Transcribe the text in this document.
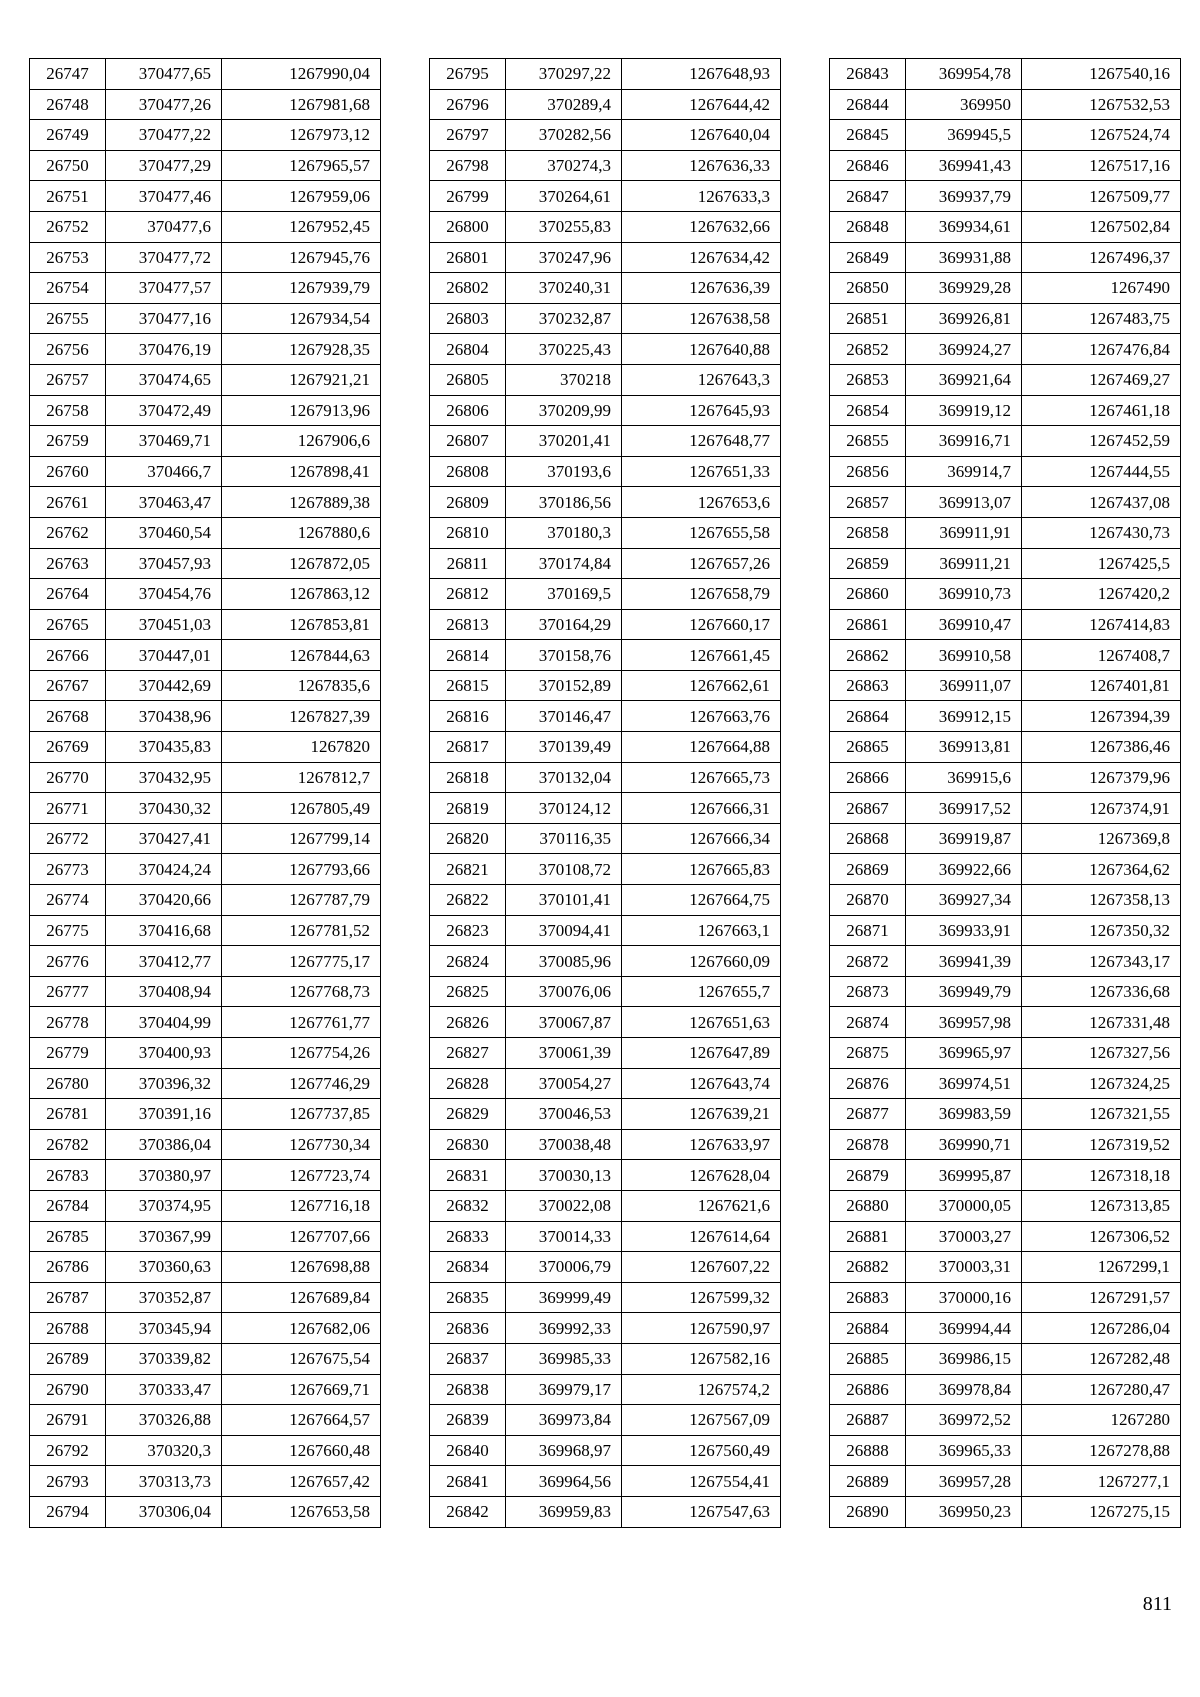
26747	370477,65	1267990,04
26748	370477,26	1267981,68
26749	370477,22	1267973,12
26750	370477,29	1267965,57
26751	370477,46	1267959,06
26752	370477,6	1267952,45
26753	370477,72	1267945,76
26754	370477,57	1267939,79
26755	370477,16	1267934,54
26756	370476,19	1267928,35
26757	370474,65	1267921,21
26758	370472,49	1267913,96
26759	370469,71	1267906,6
26760	370466,7	1267898,41
26761	370463,47	1267889,38
26762	370460,54	1267880,6
26763	370457,93	1267872,05
26764	370454,76	1267863,12
26765	370451,03	1267853,81
26766	370447,01	1267844,63
26767	370442,69	1267835,6
26768	370438,96	1267827,39
26769	370435,83	1267820
26770	370432,95	1267812,7
26771	370430,32	1267805,49
26772	370427,41	1267799,14
26773	370424,24	1267793,66
26774	370420,66	1267787,79
26775	370416,68	1267781,52
26776	370412,77	1267775,17
26777	370408,94	1267768,73
26778	370404,99	1267761,77
26779	370400,93	1267754,26
26780	370396,32	1267746,29
26781	370391,16	1267737,85
26782	370386,04	1267730,34
26783	370380,97	1267723,74
26784	370374,95	1267716,18
26785	370367,99	1267707,66
26786	370360,63	1267698,88
26787	370352,87	1267689,84
26788	370345,94	1267682,06
26789	370339,82	1267675,54
26790	370333,47	1267669,71
26791	370326,88	1267664,57
26792	370320,3	1267660,48
26793	370313,73	1267657,42
26794	370306,04	1267653,58
26795	370297,22	1267648,93
26796	370289,4	1267644,42
26797	370282,56	1267640,04
26798	370274,3	1267636,33
26799	370264,61	1267633,3
26800	370255,83	1267632,66
26801	370247,96	1267634,42
26802	370240,31	1267636,39
26803	370232,87	1267638,58
26804	370225,43	1267640,88
26805	370218	1267643,3
26806	370209,99	1267645,93
26807	370201,41	1267648,77
26808	370193,6	1267651,33
26809	370186,56	1267653,6
26810	370180,3	1267655,58
26811	370174,84	1267657,26
26812	370169,5	1267658,79
26813	370164,29	1267660,17
26814	370158,76	1267661,45
26815	370152,89	1267662,61
26816	370146,47	1267663,76
26817	370139,49	1267664,88
26818	370132,04	1267665,73
26819	370124,12	1267666,31
26820	370116,35	1267666,34
26821	370108,72	1267665,83
26822	370101,41	1267664,75
26823	370094,41	1267663,1
26824	370085,96	1267660,09
26825	370076,06	1267655,7
26826	370067,87	1267651,63
26827	370061,39	1267647,89
26828	370054,27	1267643,74
26829	370046,53	1267639,21
26830	370038,48	1267633,97
26831	370030,13	1267628,04
26832	370022,08	1267621,6
26833	370014,33	1267614,64
26834	370006,79	1267607,22
26835	369999,49	1267599,32
26836	369992,33	1267590,97
26837	369985,33	1267582,16
26838	369979,17	1267574,2
26839	369973,84	1267567,09
26840	369968,97	1267560,49
26841	369964,56	1267554,41
26842	369959,83	1267547,63
26843	369954,78	1267540,16
26844	369950	1267532,53
26845	369945,5	1267524,74
26846	369941,43	1267517,16
26847	369937,79	1267509,77
26848	369934,61	1267502,84
26849	369931,88	1267496,37
26850	369929,28	1267490
26851	369926,81	1267483,75
26852	369924,27	1267476,84
26853	369921,64	1267469,27
26854	369919,12	1267461,18
26855	369916,71	1267452,59
26856	369914,7	1267444,55
26857	369913,07	1267437,08
26858	369911,91	1267430,73
26859	369911,21	1267425,5
26860	369910,73	1267420,2
26861	369910,47	1267414,83
26862	369910,58	1267408,7
26863	369911,07	1267401,81
26864	369912,15	1267394,39
26865	369913,81	1267386,46
26866	369915,6	1267379,96
26867	369917,52	1267374,91
26868	369919,87	1267369,8
26869	369922,66	1267364,62
26870	369927,34	1267358,13
26871	369933,91	1267350,32
26872	369941,39	1267343,17
26873	369949,79	1267336,68
26874	369957,98	1267331,48
26875	369965,97	1267327,56
26876	369974,51	1267324,25
26877	369983,59	1267321,55
26878	369990,71	1267319,52
26879	369995,87	1267318,18
26880	370000,05	1267313,85
26881	370003,27	1267306,52
26882	370003,31	1267299,1
26883	370000,16	1267291,57
26884	369994,44	1267286,04
26885	369986,15	1267282,48
26886	369978,84	1267280,47
26887	369972,52	1267280
26888	369965,33	1267278,88
26889	369957,28	1267277,1
26890	369950,23	1267275,15
811
